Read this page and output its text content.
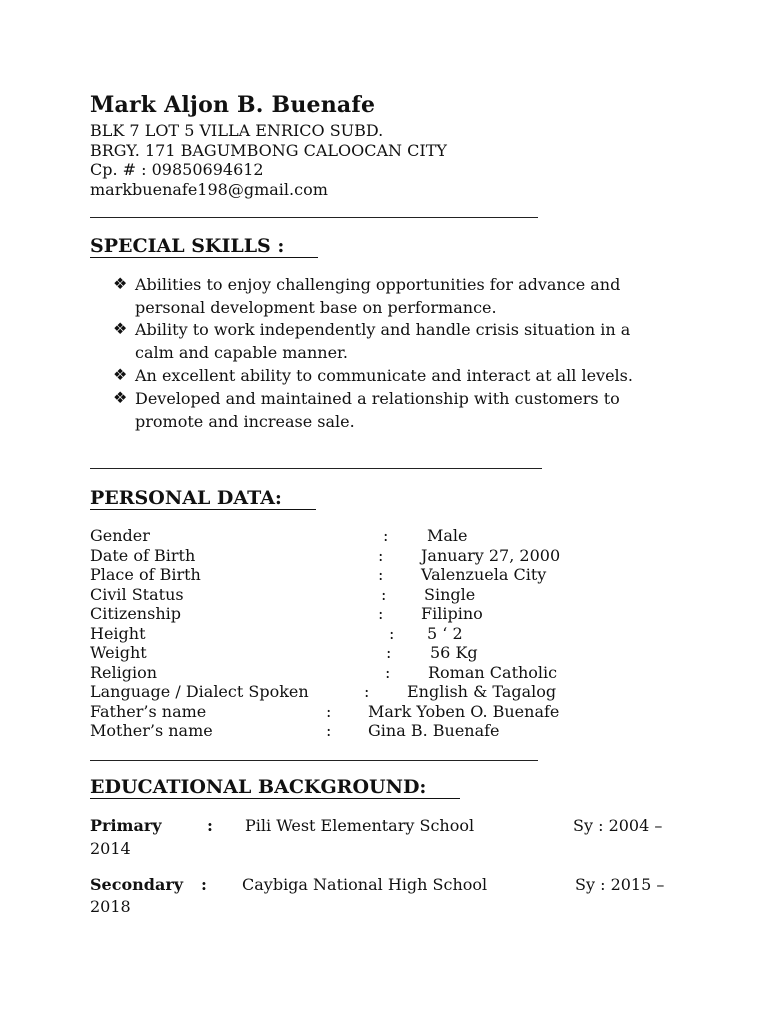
Mark Aljon B. Buenafe
BLK 7 LOT 5 VILLA ENRICO SUBD.
BRGY. 171 BAGUMBONG CALOOCAN CITY
Cp. # : 09850694612
markbuenafe198@gmail.com
SPECIAL SKILLS :
❖ Abilities to enjoy challenging opportunities for advance and
personal development base on performance.
❖ Ability to work independently and handle crisis situation in a
calm and capable manner.
❖ An excellent ability to communicate and interact at all levels.
❖ Developed and maintained a relationship with customers to
promote and increase sale.
PERSONAL DATA:
Gender	: Male
Date of Birth	: January 27, 2000
Place of Birth	: Valenzuela City
Civil Status	: Single
Citizenship	: Filipino
Height	: 5 ‘ 2
Weight	: 56 Kg
Religion	: Roman Catholic
Language / Dialect Spoken	: English & Tagalog
Father’s name	: Mark Yoben O. Buenafe
Mother’s name	: Gina B. Buenafe
EDUCATIONAL BACKGROUND:
Primary	: Pili West Elementary School	Sy : 2004 –
2014
Secondary : Caybiga National High School	Sy : 2015 –
2018
